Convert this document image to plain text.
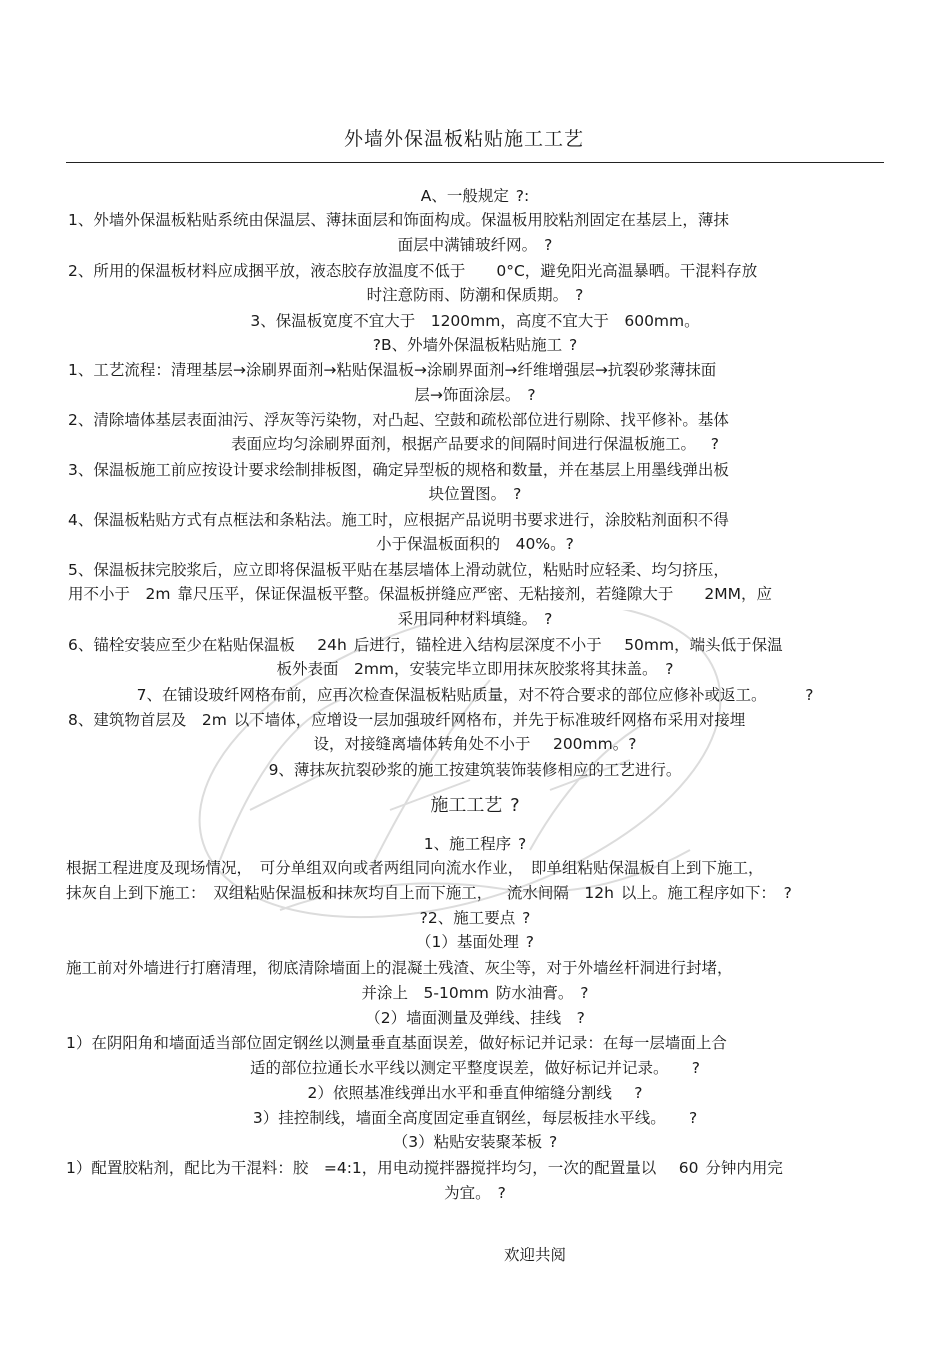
外墙外保温板粘贴施工工艺
A、一般规定 ?:
1、外墙外保温板粘贴系统由保温层、薄抹面层和饰面构成。保温板用胶粘剂固定在基层上，薄抹
面层中满铺玻纤网。 ?
2、所用的保温板材料应成捆平放，液态胶存放温度不低于　　0°C，避免阳光高温暴晒。干混料存放
时注意防雨、防潮和保质期。 ?
3、保温板宽度不宜大于　1200mm，高度不宜大于　600mm。
?B、外墙外保温板粘贴施工 ?
1、工艺流程：清理基层→涂刷界面剂→粘贴保温板→涂刷界面剂→纤维增强层→抗裂砂浆薄抹面
层→饰面涂层。 ?
2、清除墙体基层表面油污、浮灰等污染物，对凸起、空鼓和疏松部位进行剔除、找平修补。基体
表面应均匀涂刷界面剂，根据产品要求的间隔时间进行保温板施工。　 ?
3、保温板施工前应按设计要求绘制排板图，确定异型板的规格和数量，并在基层上用墨线弹出板
块位置图。 ?
4、保温板粘贴方式有点框法和条粘法。施工时，应根据产品说明书要求进行，涂胶粘剂面积不得
小于保温板面积的　40%。?
5、保温板抹完胶浆后，应立即将保温板平贴在基层墙体上滑动就位，粘贴时应轻柔、均匀挤压，
用不小于　2m 靠尺压平，保证保温板平整。保温板拼缝应严密、无粘接剂，若缝隙大于　　2MM，应
采用同种材料填缝。 ?
6、锚栓安装应至少在粘贴保温板　 24h 后进行，锚栓进入结构层深度不小于　 50mm，端头低于保温
板外表面　2mm，安装完毕立即用抹灰胶浆将其抹盖。　?
7、在铺设玻纤网格布前，应再次检查保温板粘贴质量，对不符合要求的部位应修补或返工。　　　?
8、建筑物首层及　2m 以下墙体，应增设一层加强玻纤网格布，并先于标准玻纤网格布采用对接埋
设，对接缝离墙体转角处不小于　 200mm。?
9、薄抹灰抗裂砂浆的施工按建筑装饰装修相应的工艺进行。
施工工艺 ?
1、施工程序 ?
根据工程进度及现场情况，　可分单组双向或者两组同向流水作业，　即单组粘贴保温板自上到下施工，
抹灰自上到下施工：　双组粘贴保温板和抹灰均自上而下施工，　 流水间隔　12h 以上。施工程序如下：　?
?2、施工要点 ?
（1）基面处理 ?
施工前对外墙进行打磨清理，彻底清除墙面上的混凝土残渣、灰尘等，对于外墙丝杆洞进行封堵，
并涂上　5-10mm 防水油膏。 ?
（2）墙面测量及弹线、挂线　?
1）在阴阳角和墙面适当部位固定钢丝以测量垂直基面误差，做好标记并记录：在每一层墙面上合
适的部位拉通长水平线以测定平整度误差，做好标记并记录。　　?
2）依照基准线弹出水平和垂直伸缩缝分割线　 ?
3）挂控制线，墙面全高度固定垂直钢丝，每层板挂水平线。　　?
（3）粘贴安装聚苯板 ?
1）配置胶粘剂，配比为干混料：胶　=4:1，用电动搅拌器搅拌均匀，一次的配置量以　 60 分钟内用完
为宜。 ?
欢迎共阅
